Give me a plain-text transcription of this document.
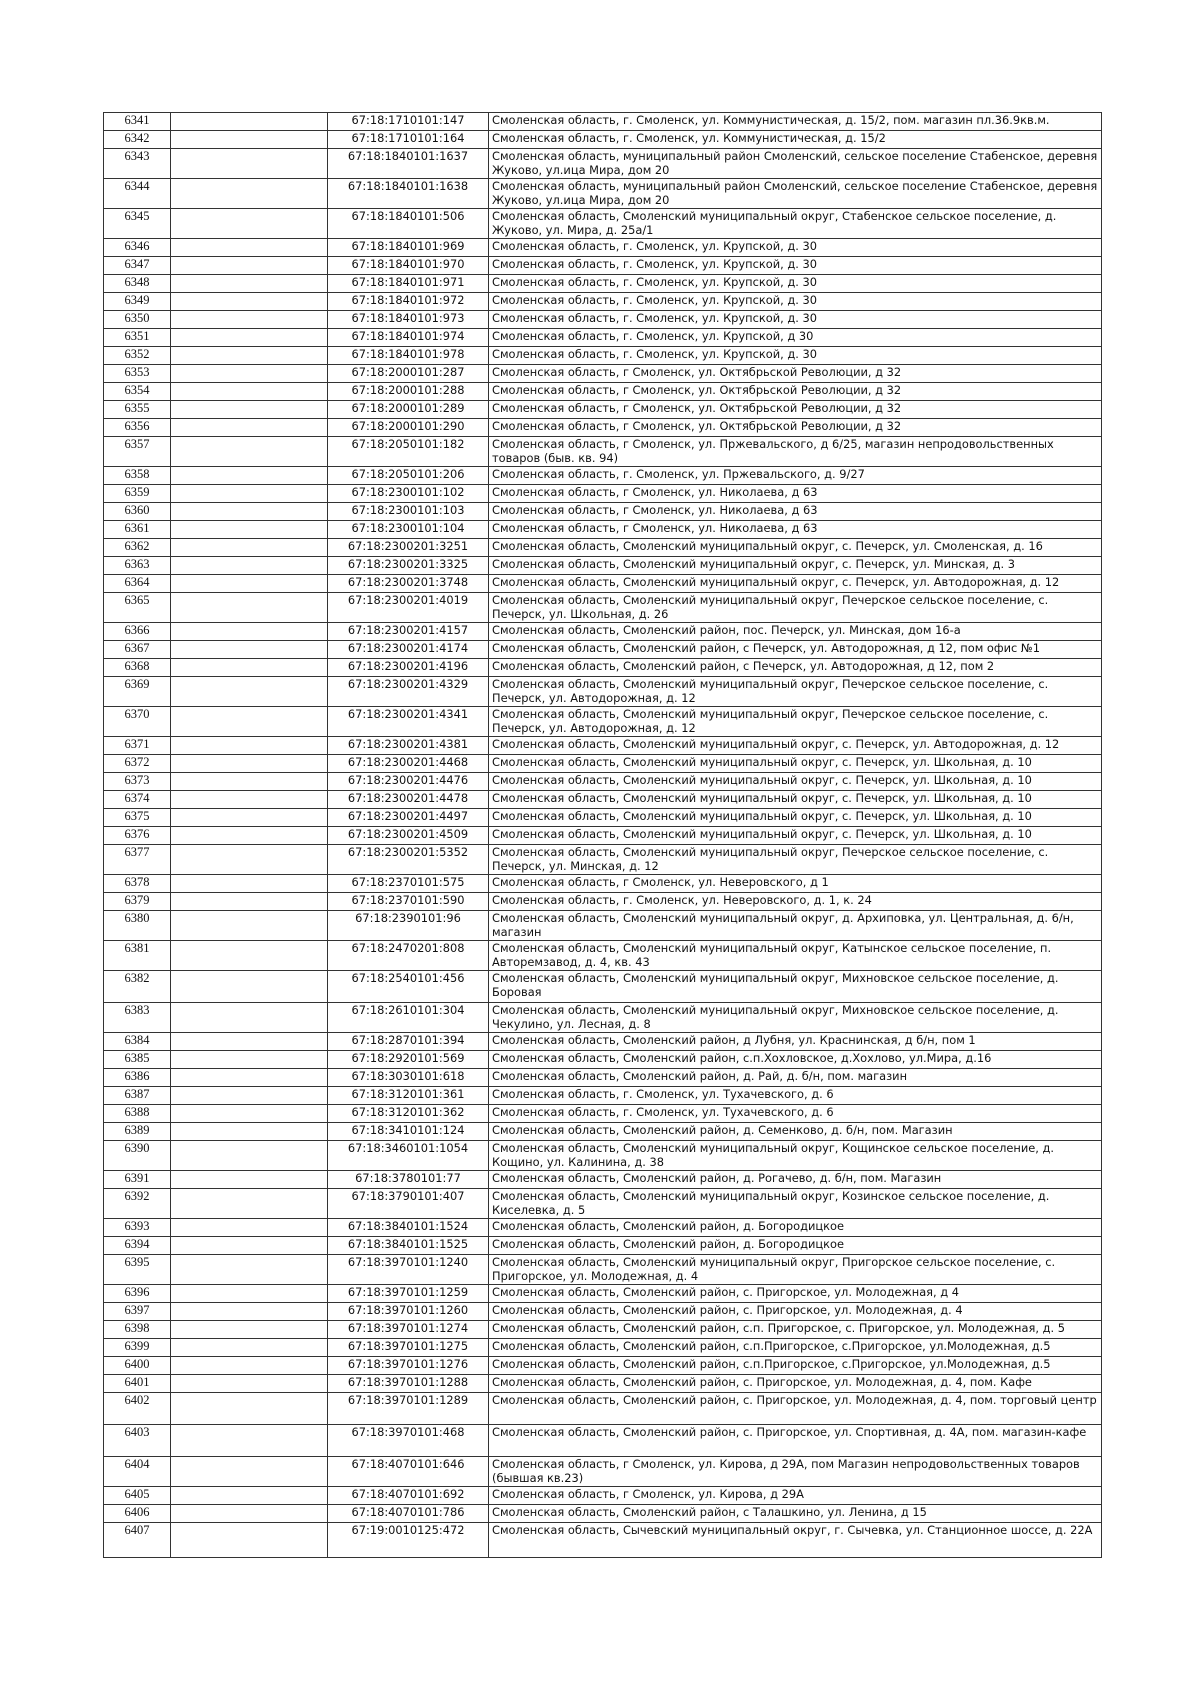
6341		67:18:1710101:147	Смоленская область, г. Смоленск, ул. Коммунистическая, д. 15/2, пом. магазин пл.36.9кв.м.
6342		67:18:1710101:164	Смоленская область, г. Смоленск, ул. Коммунистическая, д. 15/2
6343		67:18:1840101:1637	Смоленская область, муниципальный район Смоленский, сельское поселение Стабенское, деревня Жуково, ул.ица Мира, дом 20
6344		67:18:1840101:1638	Смоленская область, муниципальный район Смоленский, сельское поселение Стабенское, деревня Жуково, ул.ица Мира, дом 20
6345		67:18:1840101:506	Смоленская область, Смоленский муниципальный округ, Стабенское сельское поселение, д. Жуково, ул. Мира, д. 25а/1
6346		67:18:1840101:969	Смоленская область, г. Смоленск, ул. Крупской, д. 30
6347		67:18:1840101:970	Смоленская область, г. Смоленск, ул. Крупской, д. 30
6348		67:18:1840101:971	Смоленская область, г. Смоленск, ул. Крупской, д. 30
6349		67:18:1840101:972	Смоленская область, г. Смоленск, ул. Крупской, д. 30
6350		67:18:1840101:973	Смоленская область, г. Смоленск, ул. Крупской, д. 30
6351		67:18:1840101:974	Смоленская область, г. Смоленск, ул. Крупской, д 30
6352		67:18:1840101:978	Смоленская область, г. Смоленск, ул. Крупской, д. 30
6353		67:18:2000101:287	Смоленская область, г Смоленск, ул. Октябрьской Революции, д 32
6354		67:18:2000101:288	Смоленская область, г Смоленск, ул. Октябрьской Революции, д 32
6355		67:18:2000101:289	Смоленская область, г Смоленск, ул. Октябрьской Революции, д 32
6356		67:18:2000101:290	Смоленская область, г Смоленск, ул. Октябрьской Революции, д 32
6357		67:18:2050101:182	Смоленская область, г Смоленск, ул. Пржевальского, д 6/25, магазин непродовольственных товаров (быв. кв. 94)
6358		67:18:2050101:206	Смоленская область, г. Смоленск, ул. Пржевальского, д. 9/27
6359		67:18:2300101:102	Смоленская область, г Смоленск, ул. Николаева, д 63
6360		67:18:2300101:103	Смоленская область, г Смоленск, ул. Николаева, д 63
6361		67:18:2300101:104	Смоленская область, г Смоленск, ул. Николаева, д 63
6362		67:18:2300201:3251	Смоленская область, Смоленский муниципальный округ, с. Печерск, ул. Смоленская, д. 16
6363		67:18:2300201:3325	Смоленская область, Смоленский муниципальный округ, с. Печерск, ул. Минская, д. 3
6364		67:18:2300201:3748	Смоленская область, Смоленский муниципальный округ, с. Печерск, ул. Автодорожная, д. 12
6365		67:18:2300201:4019	Смоленская область, Смоленский муниципальный округ, Печерское сельское поселение, с. Печерск, ул. Школьная, д. 26
6366		67:18:2300201:4157	Смоленская область, Смоленский район, пос. Печерск, ул. Минская, дом 16-а
6367		67:18:2300201:4174	Смоленская область, Смоленский район, с Печерск, ул. Автодорожная, д 12, пом офис №1
6368		67:18:2300201:4196	Смоленская область, Смоленский район, с Печерск, ул. Автодорожная, д 12, пом 2
6369		67:18:2300201:4329	Смоленская область, Смоленский муниципальный округ, Печерское сельское поселение, с. Печерск, ул. Автодорожная, д. 12
6370		67:18:2300201:4341	Смоленская область, Смоленский муниципальный округ, Печерское сельское поселение, с. Печерск, ул. Автодорожная, д. 12
6371		67:18:2300201:4381	Смоленская область, Смоленский муниципальный округ, с. Печерск, ул. Автодорожная, д. 12
6372		67:18:2300201:4468	Смоленская область, Смоленский муниципальный округ, с. Печерск, ул. Школьная, д. 10
6373		67:18:2300201:4476	Смоленская область, Смоленский муниципальный округ, с. Печерск, ул. Школьная, д. 10
6374		67:18:2300201:4478	Смоленская область, Смоленский муниципальный округ, с. Печерск, ул. Школьная, д. 10
6375		67:18:2300201:4497	Смоленская область, Смоленский муниципальный округ, с. Печерск, ул. Школьная, д. 10
6376		67:18:2300201:4509	Смоленская область, Смоленский муниципальный округ, с. Печерск, ул. Школьная, д. 10
6377		67:18:2300201:5352	Смоленская область, Смоленский муниципальный округ, Печерское сельское поселение, с. Печерск, ул. Минская, д. 12
6378		67:18:2370101:575	Смоленская область, г Смоленск, ул. Неверовского, д 1
6379		67:18:2370101:590	Смоленская область, г. Смоленск, ул. Неверовского, д. 1, к. 24
6380		67:18:2390101:96	Смоленская область, Смоленский муниципальный округ, д. Архиповка, ул. Центральная, д. 6/н, магазин
6381		67:18:2470201:808	Смоленская область, Смоленский муниципальный округ, Катынское сельское поселение, п. Авторемзавод, д. 4, кв. 43
6382		67:18:2540101:456	Смоленская область, Смоленский муниципальный округ, Михновское сельское поселение, д. Боровая
6383		67:18:2610101:304	Смоленская область, Смоленский муниципальный округ, Михновское сельское поселение, д. Чекулино, ул. Лесная, д. 8
6384		67:18:2870101:394	Смоленская область, Смоленский район, д Лубня, ул. Краснинская, д б/н, пом 1
6385		67:18:2920101:569	Смоленская область, Смоленский район, с.п.Хохловское, д.Хохлово, ул.Мира, д.16
6386		67:18:3030101:618	Смоленская область, Смоленский район, д. Рай, д. б/н, пом. магазин
6387		67:18:3120101:361	Смоленская область, г. Смоленск, ул. Тухачевского, д. 6
6388		67:18:3120101:362	Смоленская область, г. Смоленск, ул. Тухачевского, д. 6
6389		67:18:3410101:124	Смоленская область, Смоленский район, д. Семенково, д. б/н, пом. Магазин
6390		67:18:3460101:1054	Смоленская область, Смоленский муниципальный округ, Кощинское сельское поселение, д. Кощино, ул. Калинина, д. 38
6391		67:18:3780101:77	Смоленская область, Смоленский район, д. Рогачево, д. б/н, пом. Магазин
6392		67:18:3790101:407	Смоленская область, Смоленский муниципальный округ, Козинское сельское поселение, д. Киселевка, д. 5
6393		67:18:3840101:1524	Смоленская область, Смоленский район, д. Богородицкое
6394		67:18:3840101:1525	Смоленская область, Смоленский район, д. Богородицкое
6395		67:18:3970101:1240	Смоленская область, Смоленский муниципальный округ, Пригорское сельское поселение, с. Пригорское, ул. Молодежная, д. 4
6396		67:18:3970101:1259	Смоленская область, Смоленский район, с. Пригорское, ул. Молодежная, д 4
6397		67:18:3970101:1260	Смоленская область, Смоленский район, с. Пригорское, ул. Молодежная, д. 4
6398		67:18:3970101:1274	Смоленская область, Смоленский район, с.п. Пригорское, с. Пригорское, ул. Молодежная, д. 5
6399		67:18:3970101:1275	Смоленская область, Смоленский район, с.п.Пригорское, с.Пригорское, ул.Молодежная, д.5
6400		67:18:3970101:1276	Смоленская область, Смоленский район, с.п.Пригорское, с.Пригорское, ул.Молодежная, д.5
6401		67:18:3970101:1288	Смоленская область, Смоленский район, с. Пригорское, ул. Молодежная, д. 4, пом. Кафе
6402		67:18:3970101:1289	Смоленская область, Смоленский район, с. Пригорское, ул. Молодежная, д. 4, пом. торговый центр
6403		67:18:3970101:468	Смоленская область, Смоленский район, с. Пригорское, ул. Спортивная, д. 4А, пом. магазин-кафе
6404		67:18:4070101:646	Смоленская область, г Смоленск, ул. Кирова, д 29А, пом Магазин непродовольственных товаров (бывшая кв.23)
6405		67:18:4070101:692	Смоленская область, г Смоленск, ул. Кирова, д 29А
6406		67:18:4070101:786	Смоленская область, Смоленский район, с Талашкино, ул. Ленина, д 15
6407		67:19:0010125:472	Смоленская область, Сычевский муниципальный округ, г. Сычевка, ул. Станционное шоссе, д. 22А
